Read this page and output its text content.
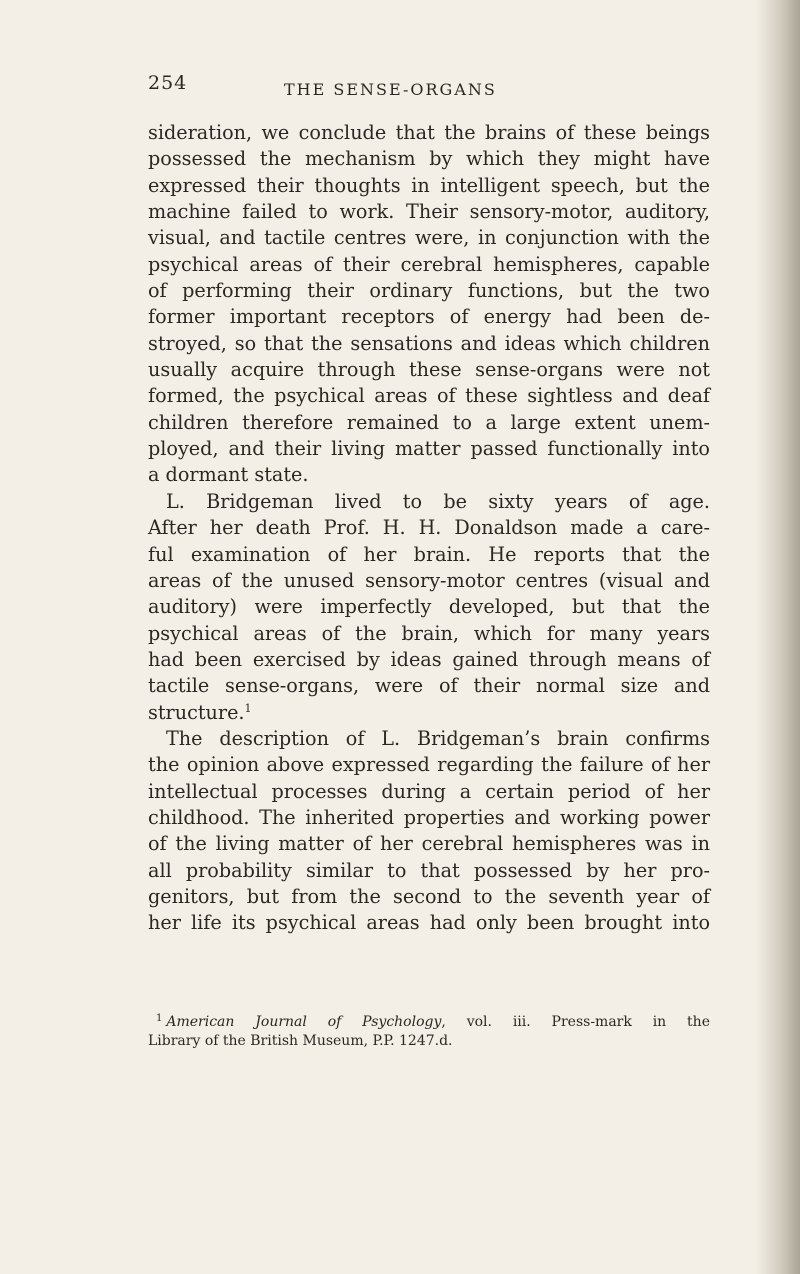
254	THE SENSE-ORGANS
sideration, we conclude that the brains of these beings
possessed the mechanism by which they might have
expressed their thoughts in intelligent speech, but the
machine failed to work. Their sensory-motor, auditory,
visual, and tactile centres were, in conjunction with the
psychical areas of their cerebral hemispheres, capable
of performing their ordinary functions, but the two
former important receptors of energy had been de-
stroyed, so that the sensations and ideas which children
usually acquire through these sense-organs were not
formed, the psychical areas of these sightless and deaf
children therefore remained to a large extent unem-
ployed, and their living matter passed functionally into
a dormant state.
L. Bridgeman lived to be sixty years of age.
After her death Prof. H. H. Donaldson made a care-
ful examination of her brain. He reports that the
areas of the unused sensory-motor centres (visual and
auditory) were imperfectly developed, but that the
psychical areas of the brain, which for many years
had been exercised by ideas gained through means of
tactile sense-organs, were of their normal size and
structure.$^1$
The description of L. Bridgeman’s brain confirms
the opinion above expressed regarding the failure of her
intellectual processes during a certain period of her
childhood. The inherited properties and working power
of the living matter of her cerebral hemispheres was in
all probability similar to that possessed by her pro-
genitors, but from the second to the seventh year of
her life its psychical areas had only been brought into
$^1$ American Journal of Psychology, vol. iii. Press-mark in the
Library of the British Museum, P.P. 1247.d.
